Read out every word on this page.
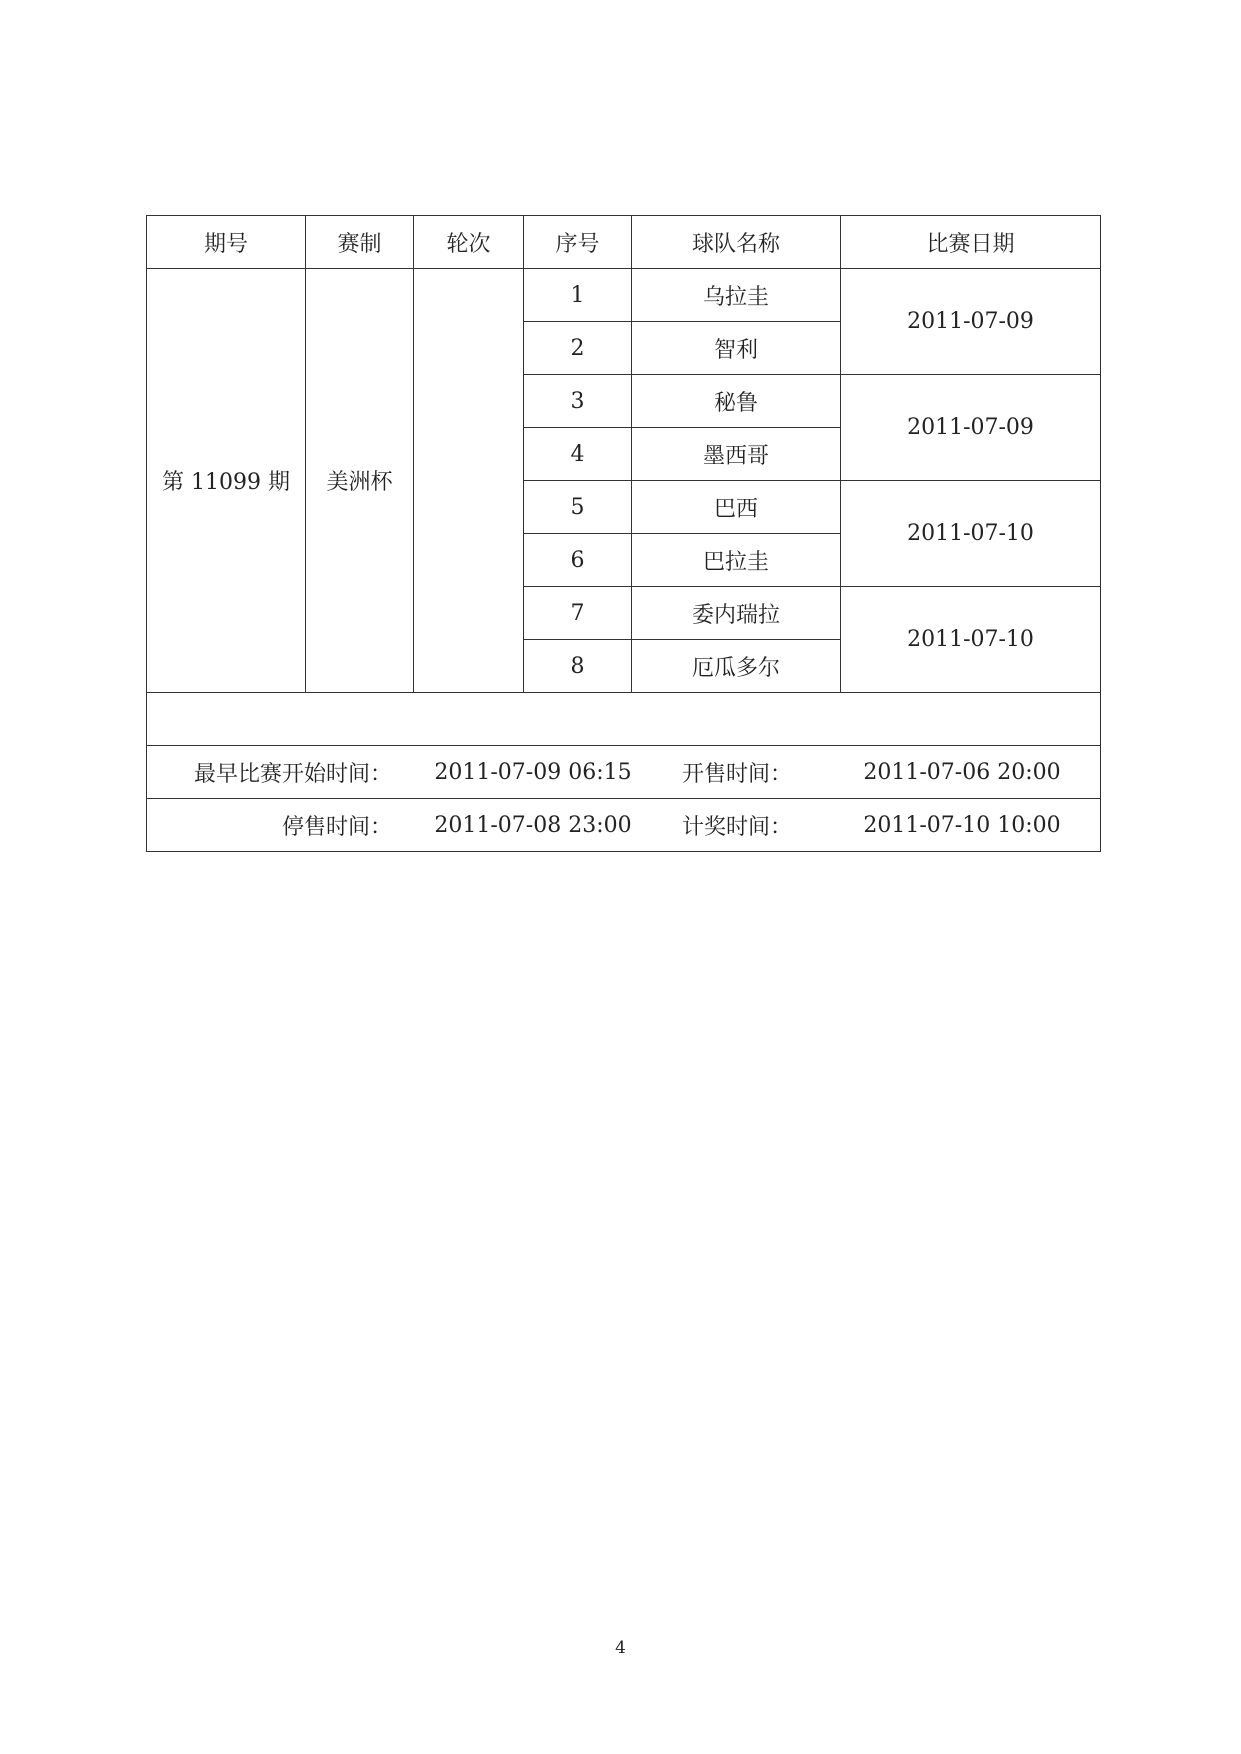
期号	赛制	轮次	序号	球队名称	比赛日期
第 11099 期	美洲杯		1	乌拉圭	2011-07-09
			2	智利	
			3	秘鲁	2011-07-09
			4	墨西哥	
			5	巴西	2011-07-10
			6	巴拉圭	
			7	委内瑞拉	2011-07-10
			8	厄瓜多尔	

最早比赛开始时间： 2011-07-09 06:15 开售时间： 2011-07-06 20:00					

停售时间： 2011-07-08 23:00 计奖时间： 2011-07-10 10:00					
4
